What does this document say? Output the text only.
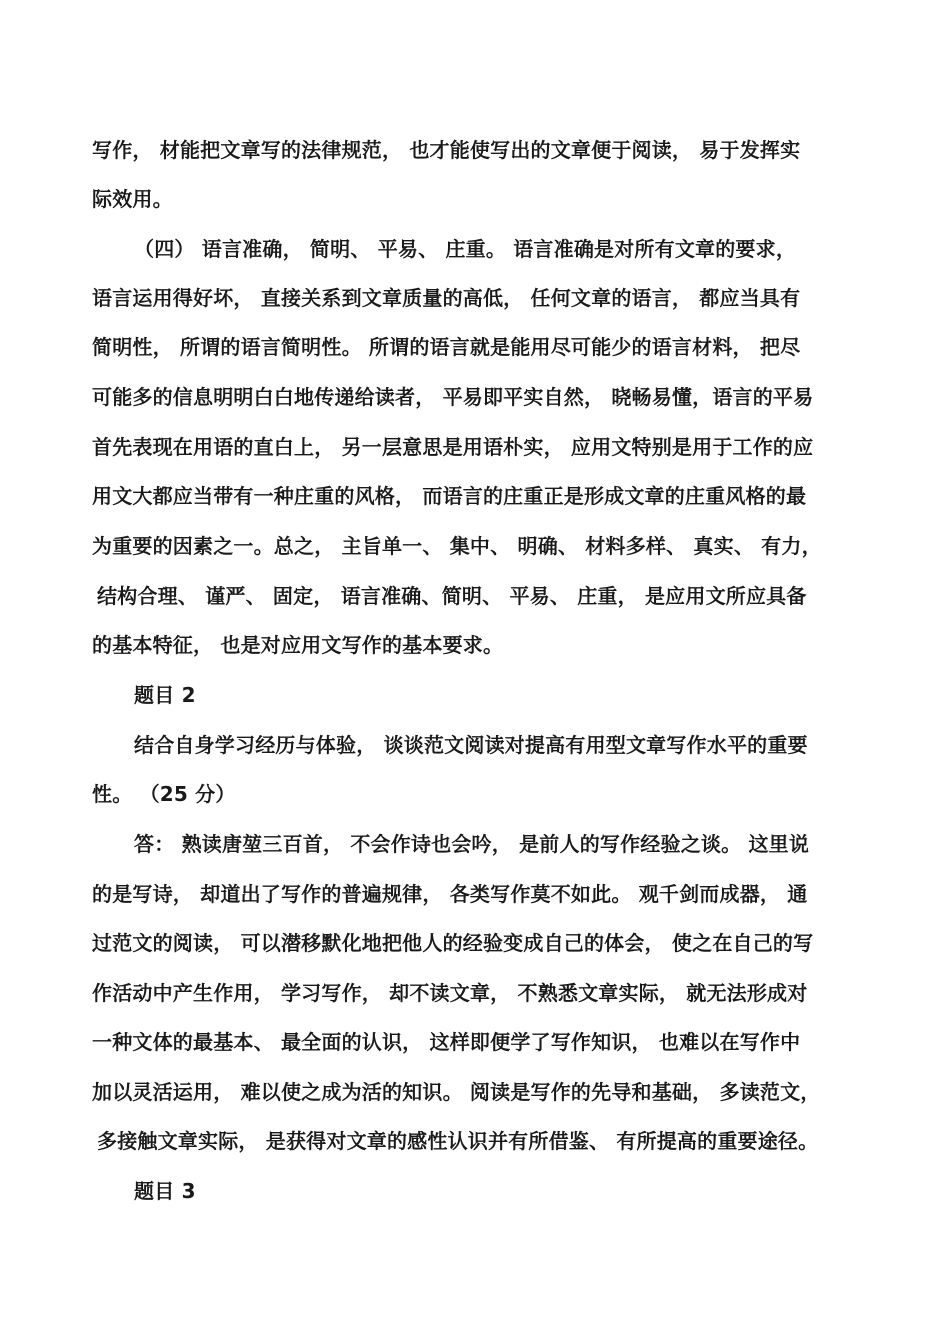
写作， 材能把文章写的法律规范， 也才能使写出的文章便于阅读， 易于发挥实
际效用。
（四） 语言准确， 简明、 平易、 庄重。 语言准确是对所有文章的要求，
语言运用得好坏， 直接关系到文章质量的高低， 任何文章的语言， 都应当具有
简明性， 所谓的语言简明性。 所谓的语言就是能用尽可能少的语言材料， 把尽
可能多的信息明明白白地传递给读者， 平易即平实自然， 晓畅易懂，语言的平易
首先表现在用语的直白上， 另一层意思是用语朴实， 应用文特别是用于工作的应
用文大都应当带有一种庄重的风格， 而语言的庄重正是形成文章的庄重风格的最
为重要的因素之一。总之， 主旨单一、 集中、 明确、 材料多样、 真实、 有力，
结构合理、 谨严、 固定， 语言准确、简明、 平易、 庄重， 是应用文所应具备
的基本特征， 也是对应用文写作的基本要求。
题目 2
结合自身学习经历与体验， 谈谈范文阅读对提高有用型文章写作水平的重要
性。 （25 分）
答： 熟读唐堃三百首， 不会作诗也会吟， 是前人的写作经验之谈。 这里说
的是写诗， 却道出了写作的普遍规律， 各类写作莫不如此。 观千剑而成器， 通
过范文的阅读， 可以潜移默化地把他人的经验变成自己的体会， 使之在自己的写
作活动中产生作用， 学习写作， 却不读文章， 不熟悉文章实际， 就无法形成对
一种文体的最基本、 最全面的认识， 这样即便学了写作知识， 也难以在写作中
加以灵活运用， 难以使之成为活的知识。 阅读是写作的先导和基础， 多读范文，
多接触文章实际， 是获得对文章的感性认识并有所借鉴、 有所提高的重要途径。
题目 3
